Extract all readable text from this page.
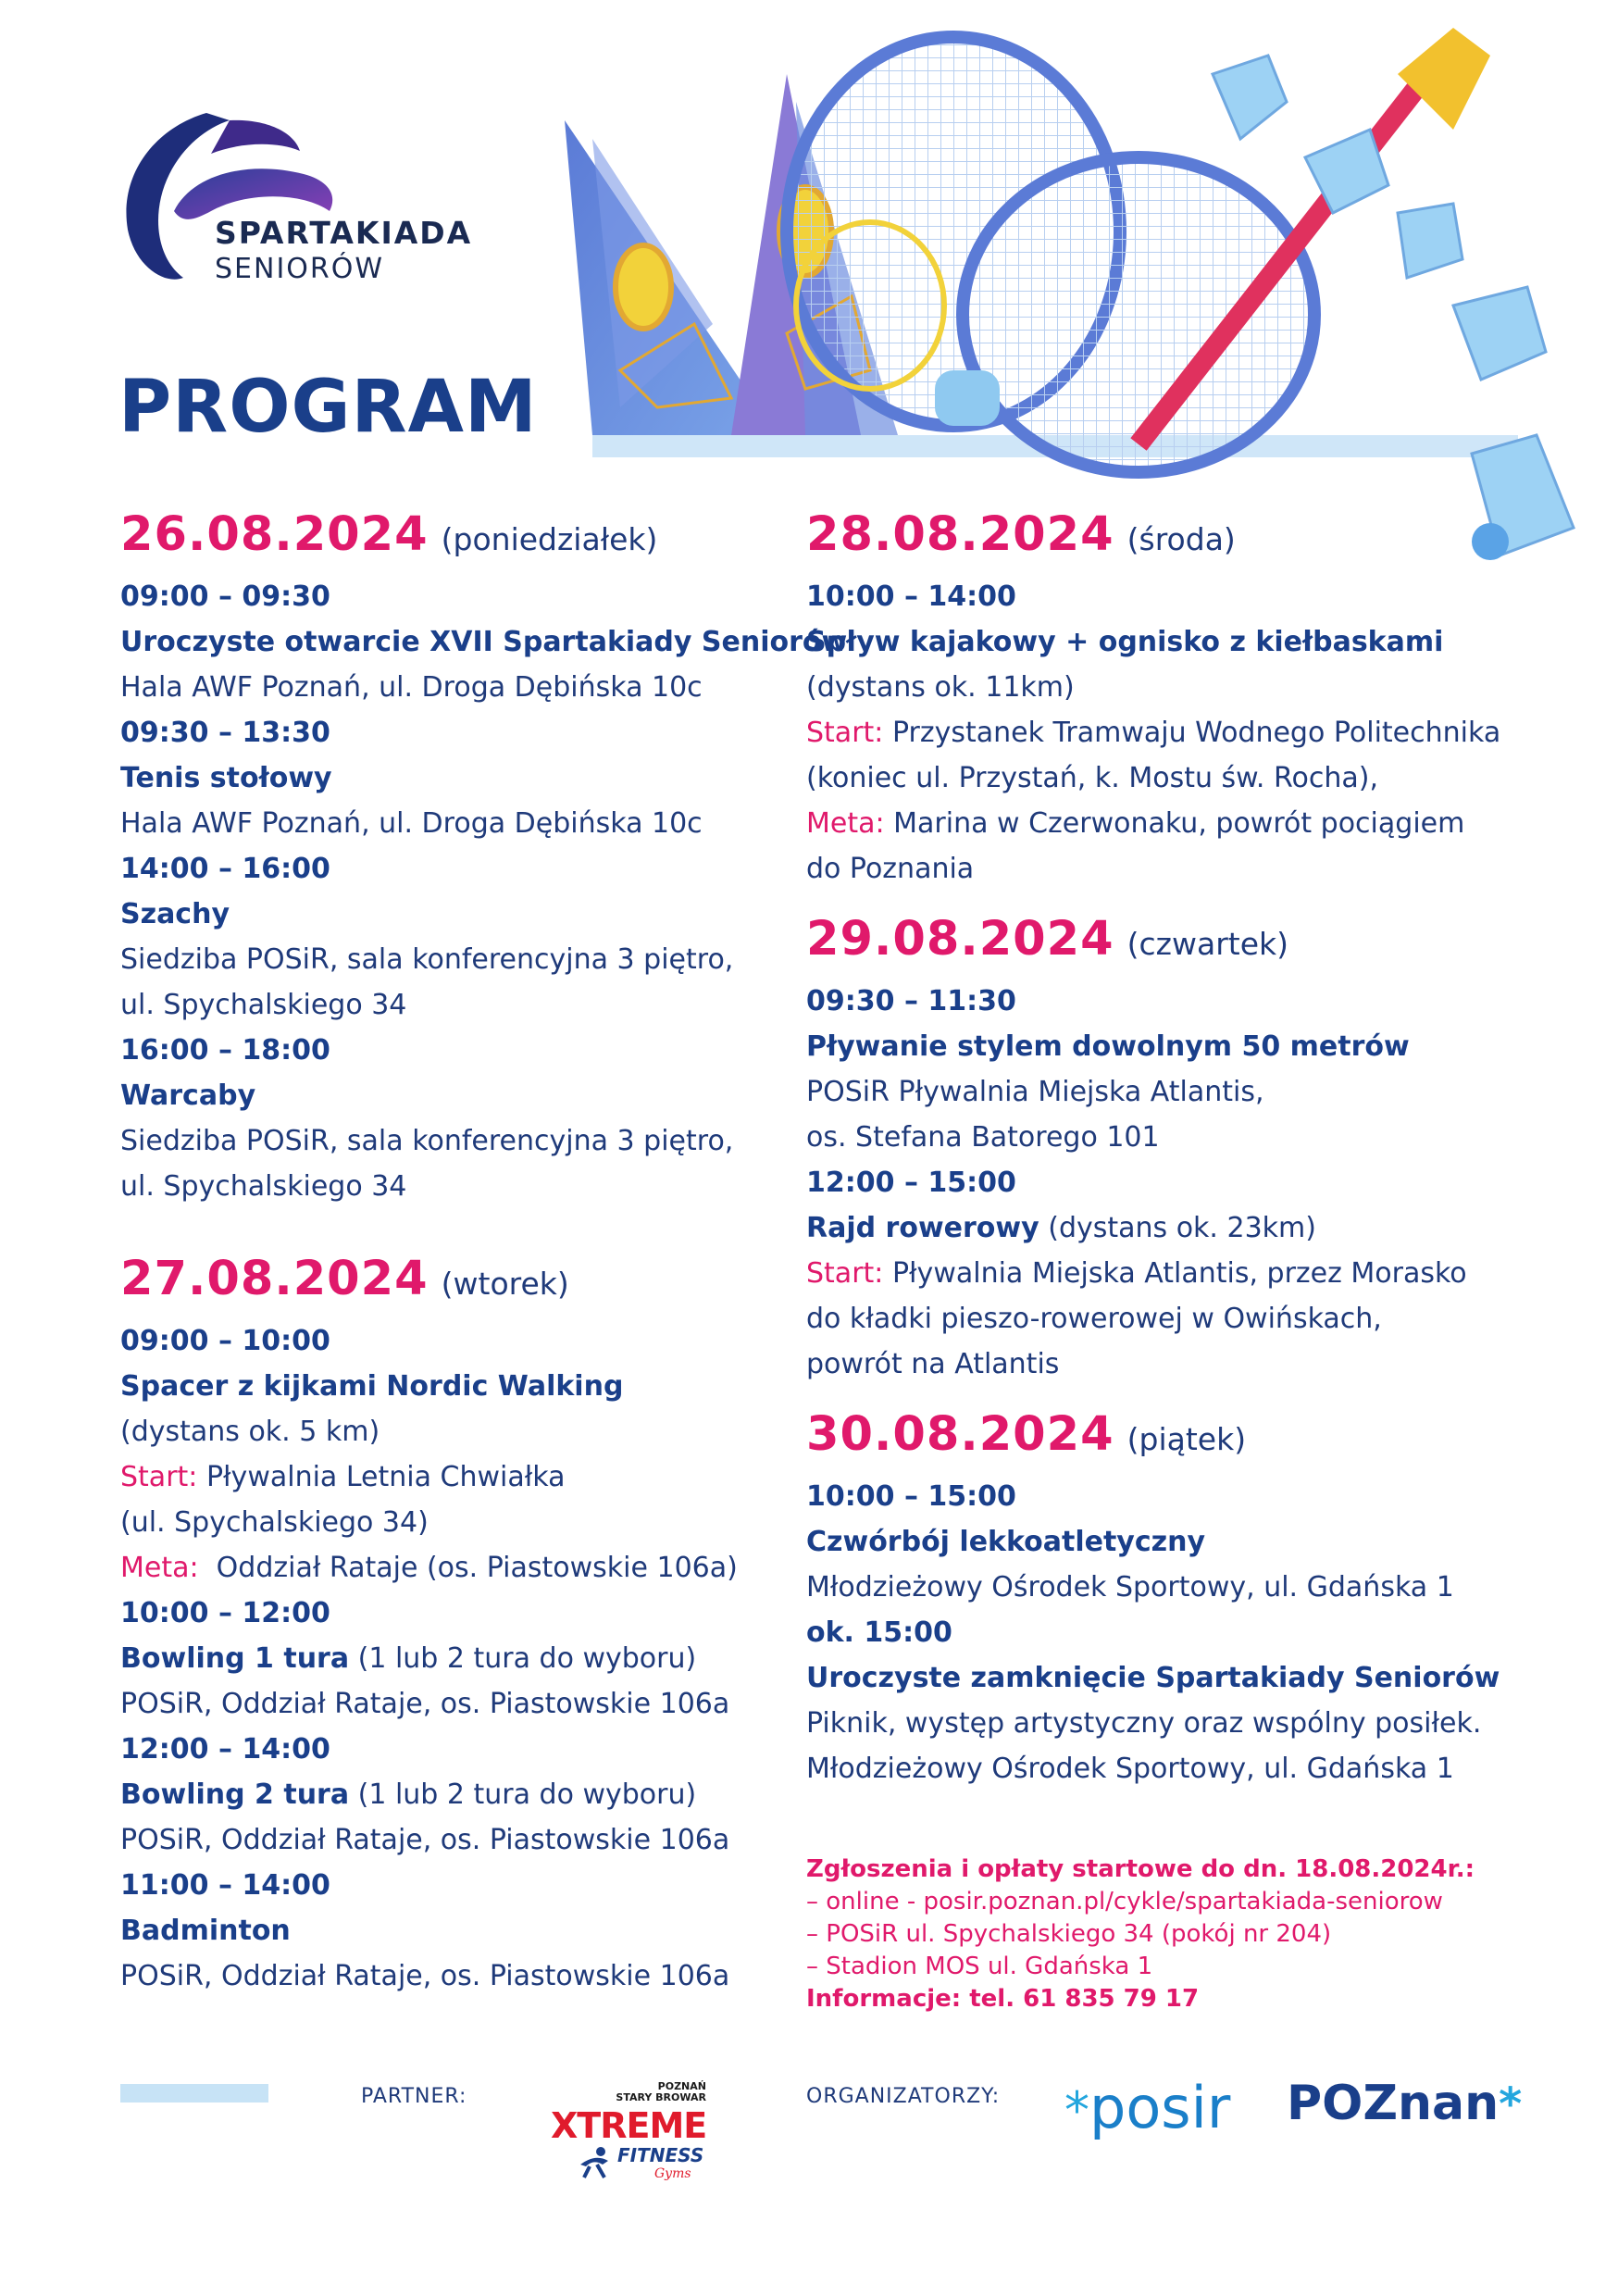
SPARTAKIADA
SENIORÓW
PROGRAM
26.08.2024 (poniedziałek)
09:00 – 09:30
Uroczyste otwarcie XVII Spartakiady Seniorów
Hala AWF Poznań, ul. Droga Dębińska 10c
09:30 – 13:30
Tenis stołowy
Hala AWF Poznań, ul. Droga Dębińska 10c
14:00 – 16:00
Szachy
Siedziba POSiR, sala konferencyjna 3 piętro,
ul. Spychalskiego 34
16:00 – 18:00
Warcaby
Siedziba POSiR, sala konferencyjna 3 piętro,
ul. Spychalskiego 34
27.08.2024 (wtorek)
09:00 – 10:00
Spacer z kijkami Nordic Walking
(dystans ok. 5 km)
Start: Pływalnia Letnia Chwiałka
(ul. Spychalskiego 34)
Meta:  Oddział Rataje (os. Piastowskie 106a)
10:00 – 12:00
Bowling 1 tura (1 lub 2 tura do wyboru)
POSiR, Oddział Rataje, os. Piastowskie 106a
12:00 – 14:00
Bowling 2 tura (1 lub 2 tura do wyboru)
POSiR, Oddział Rataje, os. Piastowskie 106a
11:00 – 14:00
Badminton
POSiR, Oddział Rataje, os. Piastowskie 106a
28.08.2024 (środa)
10:00 – 14:00
Spływ kajakowy + ognisko z kiełbaskami
(dystans ok. 11km)
Start: Przystanek Tramwaju Wodnego Politechnika
(koniec ul. Przystań, k. Mostu św. Rocha),
Meta: Marina w Czerwonaku, powrót pociągiem
do Poznania
29.08.2024 (czwartek)
09:30 – 11:30
Pływanie stylem dowolnym 50 metrów
POSiR Pływalnia Miejska Atlantis,
os. Stefana Batorego 101
12:00 – 15:00
Rajd rowerowy (dystans ok. 23km)
Start: Pływalnia Miejska Atlantis, przez Morasko
do kładki pieszo-rowerowej w Owińskach,
powrót na Atlantis
30.08.2024 (piątek)
10:00 – 15:00
Czwórbój lekkoatletyczny
Młodzieżowy Ośrodek Sportowy, ul. Gdańska 1
ok. 15:00
Uroczyste zamknięcie Spartakiady Seniorów
Piknik, występ artystyczny oraz wspólny posiłek.
Młodzieżowy Ośrodek Sportowy, ul. Gdańska 1
Zgłoszenia i opłaty startowe do dn. 18.08.2024r.:
– online - posir.poznan.pl/cykle/spartakiada-seniorow
– POSiR ul. Spychalskiego 34 (pokój nr 204)
– Stadion MOS ul. Gdańska 1
Informacje: tel. 61 835 79 17
PARTNER:	ORGANIZATORZY:
POZNAŃ
STARY BROWAR
XTREME
FITNESS
Gyms
*posir POZnan*
